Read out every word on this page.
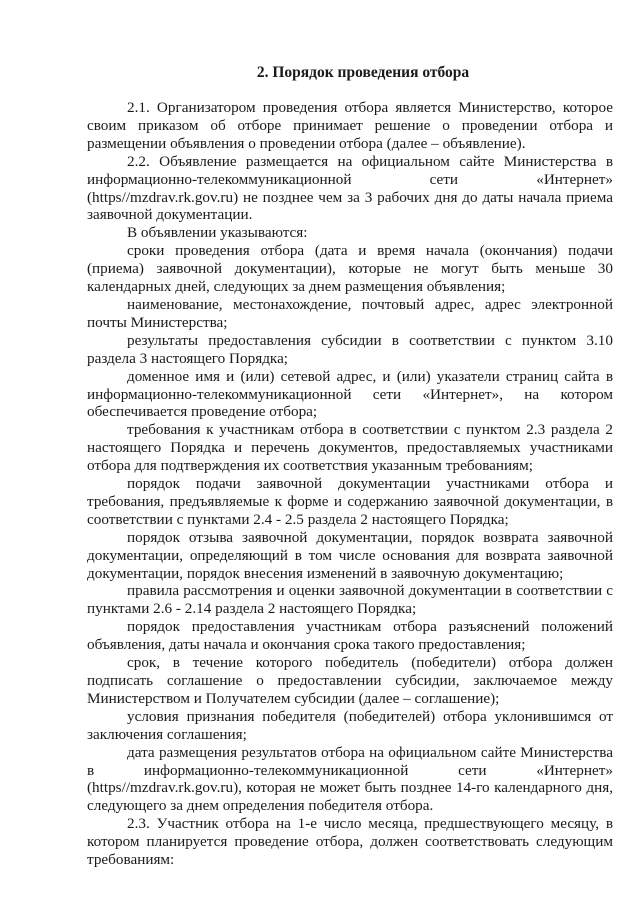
2. Порядок проведения отбора

2.1. Организатором проведения отбора является Министерство, которое своим приказом об отборе принимает решение о проведении отбора и размещении объявления о проведении отбора (далее – объявление).

2.2. Объявление размещается на официальном сайте Министерства в информационно-телекоммуникационной сети «Интернет» (https//mzdrav.rk.gov.ru) не позднее чем за 3 рабочих дня до даты начала приема заявочной документации.

В объявлении указываются:

сроки проведения отбора (дата и время начала (окончания) подачи (приема) заявочной документации), которые не могут быть меньше 30 календарных дней, следующих за днем размещения объявления;

наименование, местонахождение, почтовый адрес, адрес электронной почты Министерства;

результаты предоставления субсидии в соответствии с пунктом 3.10 раздела 3 настоящего Порядка;

доменное имя и (или) сетевой адрес, и (или) указатели страниц сайта в информационно-телекоммуникационной сети «Интернет», на котором обеспечивается проведение отбора;

требования к участникам отбора в соответствии с пунктом 2.3 раздела 2 настоящего Порядка и перечень документов, предоставляемых участниками отбора для подтверждения их соответствия указанным требованиям;

порядок подачи заявочной документации участниками отбора и требования, предъявляемые к форме и содержанию заявочной документации, в соответствии с пунктами 2.4 - 2.5 раздела 2 настоящего Порядка;

порядок отзыва заявочной документации, порядок возврата заявочной документации, определяющий в том числе основания для возврата заявочной документации, порядок внесения изменений в заявочную документацию;

правила рассмотрения и оценки заявочной документации в соответствии с пунктами 2.6 - 2.14 раздела 2 настоящего Порядка;

порядок предоставления участникам отбора разъяснений положений объявления, даты начала и окончания срока такого предоставления;

срок, в течение которого победитель (победители) отбора должен подписать соглашение о предоставлении субсидии, заключаемое между Министерством и Получателем субсидии (далее – соглашение);

условия признания победителя (победителей) отбора уклонившимся от заключения соглашения;

дата размещения результатов отбора на официальном сайте Министерства в информационно-телекоммуникационной сети «Интернет» (https//mzdrav.rk.gov.ru), которая не может быть позднее 14-го календарного дня, следующего за днем определения победителя отбора.

2.3. Участник отбора на 1-е число месяца, предшествующего месяцу, в котором планируется проведение отбора, должен соответствовать следующим требованиям:
